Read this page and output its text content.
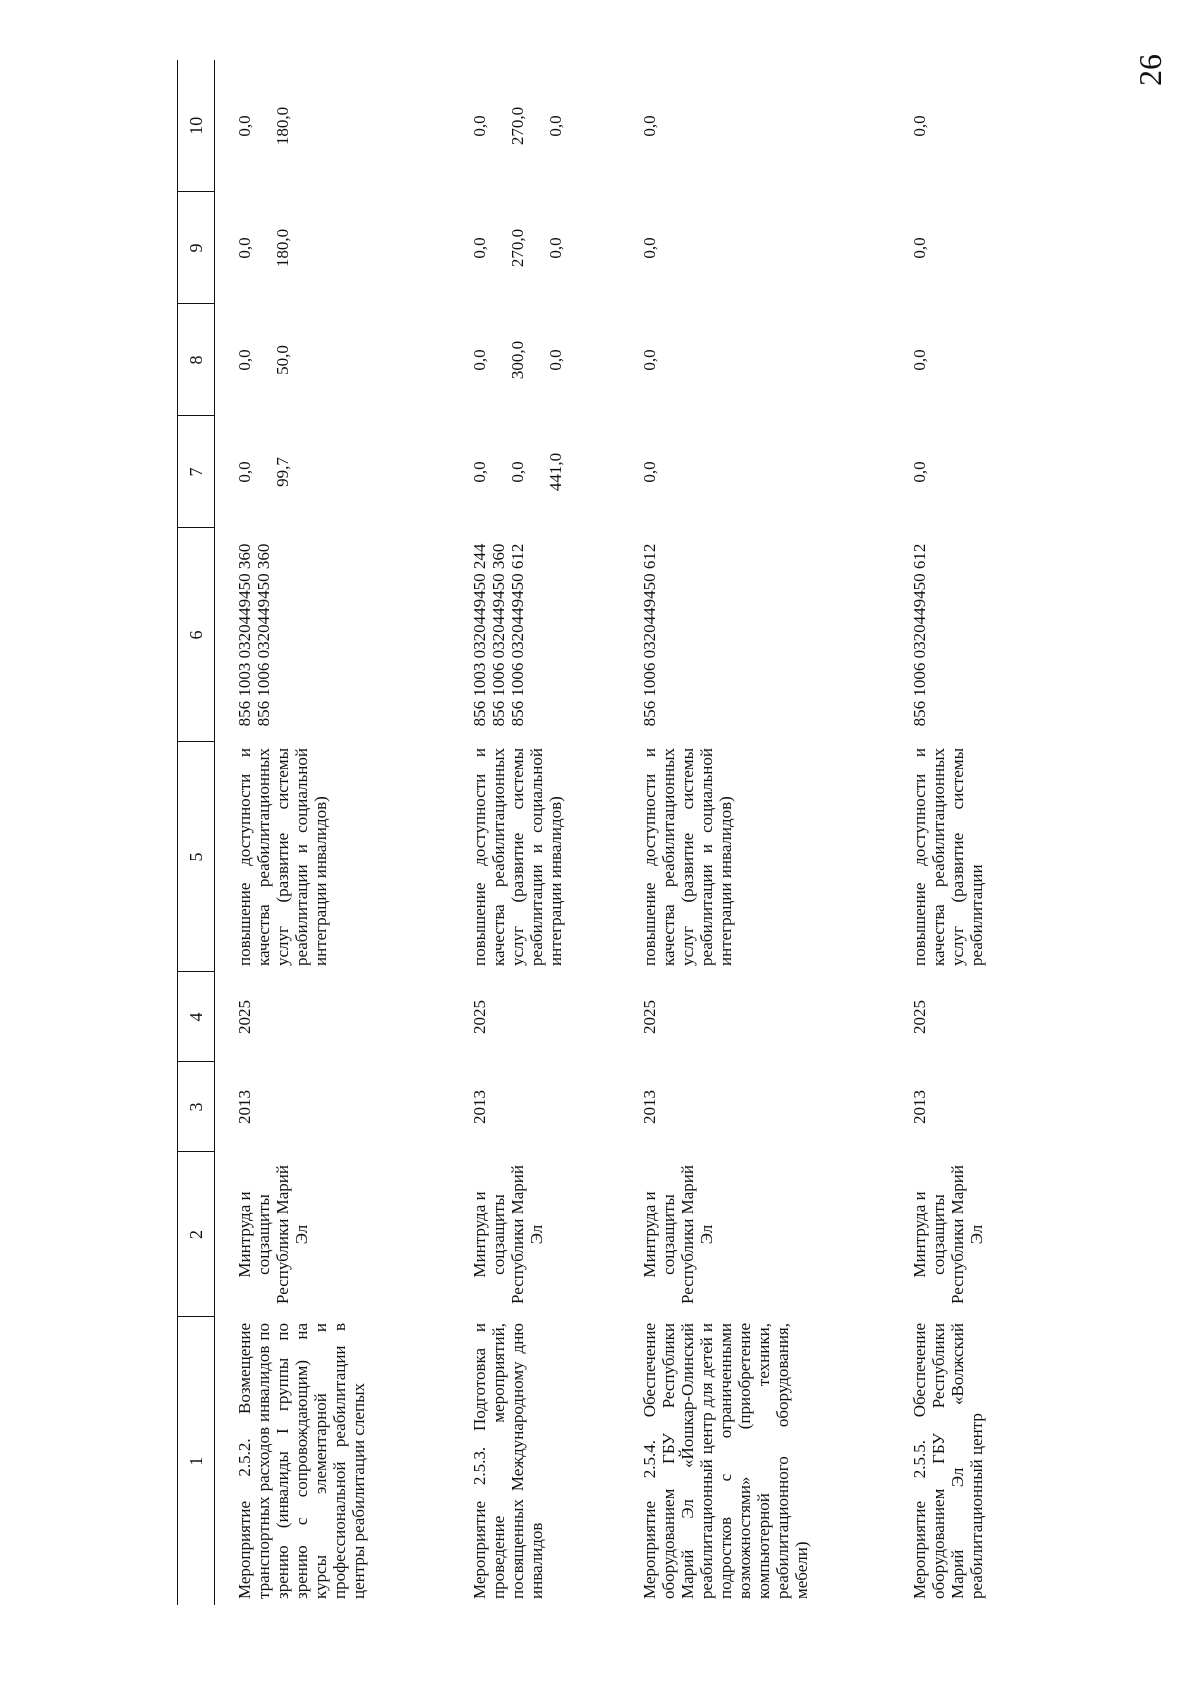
26
1	2	3	4	5	6	7	8	9	10
Мероприятие 2.5.2. Возмещение транспортных расходов инвалидов по зрению (инвалиды I группы по зрению с сопровождающим) на курсы элементарной и профессиональной реабилитации в центры реабилитации слепых	Минтруда и соцзащиты Республики Марий Эл	2013	2025	повышение доступности и качества реабилитационных услуг (развитие системы реабилитации и социальной интеграции инвалидов)	856 1003 0320449450 360 856 1006 0320449450 360	0,0 99,7	0,0 50,0	0,0 180,0	0,0 180,0

Мероприятие 2.5.3. Подготовка и проведение мероприятий, посвященных Международному дню инвалидов	Минтруда и соцзащиты Республики Марий Эл	2013	2025	повышение доступности и качества реабилитационных услуг (развитие системы реабилитации и социальной интеграции инвалидов)	856 1003 0320449450 244 856 1006 0320449450 360 856 1006 0320449450 612	0,0 0,0 441,0	0,0 300,0 0,0	0,0 270,0 0,0	0,0 270,0 0,0

Мероприятие 2.5.4. Обеспечение оборудованием ГБУ Республики Марий Эл «Йошкар-Олинский реабилитационный центр для детей и подростков с ограниченными возможностями» (приобретение компьютерной техники, реабилитационного оборудования, мебели)	Минтруда и соцзащиты Республики Марий Эл	2013	2025	повышение доступности и качества реабилитационных услуг (развитие системы реабилитации и социальной интеграции инвалидов)	856 1006 0320449450 612	0,0	0,0	0,0	0,0
Мероприятие 2.5.5. Обеспечение оборудованием ГБУ Республики Марий Эл «Волжский реабилитационный центр	Минтруда и соцзащиты Республики Марий Эл	2013	2025	повышение доступности и качества реабилитационных услуг (развитие системы реабилитации	856 1006 0320449450 612	0,0	0,0	0,0	0,0
